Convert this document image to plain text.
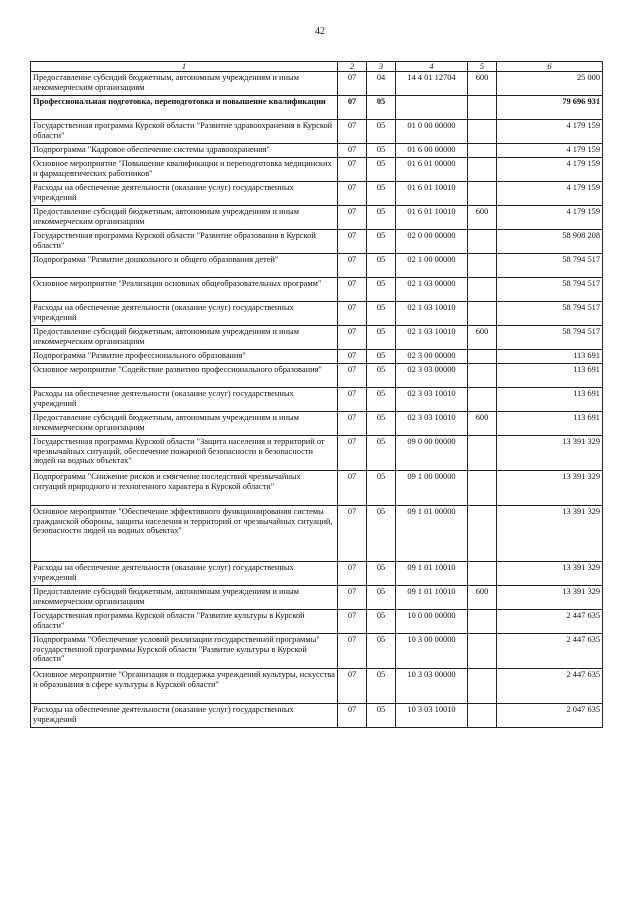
42
1	2	3	4	5	6
Предоставление субсидий бюджетным, автономным учреждениям и иным некоммерческим организациям	07	04	14 4 01 12704	600	25 000
Профессиональная подготовка, переподготовка и повышение квалификации	07	05			79 696 931
Государственная программа Курской области "Развитие здравоохранения в Курской области"	07	05	01 0 00 00000		4 179 159
Подпрограмма "Кадровое обеспечение системы здравоохранения"	07	05	01 6 00 00000		4 179 159
Основное мероприятие "Повышение квалификации и переподготовка медицинских и фармацевтических работников"	07	05	01 6 01 00000		4 179 159
Расходы на обеспечение деятельности (оказание услуг) государственных учреждений	07	05	01 6 01 10010		4 179 159
Предоставление субсидий бюджетным, автономным учреждениям и иным некоммерческим организациям	07	05	01 6 01 10010	600	4 179 159
Государственная программа Курской области "Развитие образования в Курской области"	07	05	02 0 00 00000		58 908 208
Подпрограмма "Развитие дошкольного и общего образования детей"	07	05	02 1 00 00000		58 794 517
Основное мероприятие "Реализация основных общеобразовательных программ"	07	05	02 1 03 00000		58 794 517
Расходы на обеспечение деятельности (оказание услуг) государственных учреждений	07	05	02 1 03 10010		58 794 517
Предоставление субсидий бюджетным, автономным учреждениям и иным некоммерческим организациям	07	05	02 1 03 10010	600	58 794 517
Подпрограмма "Развитие профессионального образования"	07	05	02 3 00 00000		113 691
Основное мероприятие "Содействие развитию профессионального образования"	07	05	02 3 03 00000		113 691
Расходы на обеспечение деятельности (оказание услуг) государственных учреждений	07	05	02 3 03 10010		113 691
Предоставление субсидий бюджетным, автономным учреждениям и иным некоммерческим организациям	07	05	02 3 03 10010	600	113 691
Государственная программа Курской области "Защита населения и территорий от чрезвычайных ситуаций, обеспечение пожарной безопасности и безопасности людей на водных объектах"	07	05	09 0 00 00000		13 391 329
Подпрограмма "Снижение рисков и смягчение последствий чрезвычайных ситуаций природного и техногенного характера в Курской области"	07	05	09 1 00 00000		13 391 329
Основное мероприятие "Обеспечение эффективного функционирования системы гражданской обороны, защиты населения и территорий от чрезвычайных ситуаций, безопасности людей на водных объектах"	07	05	09 1 01 00000		13 391 329
Расходы на обеспечение деятельности (оказание услуг) государственных учреждений	07	05	09 1 01 10010		13 391 329
Предоставление субсидий бюджетным, автономным учреждениям и иным некоммерческим организациям	07	05	09 1 01 10010	600	13 391 329
Государственная программа Курской области "Развитие культуры в Курской области"	07	05	10 0 00 00000		2 447 635
Подпрограмма "Обеспечение условий реализации государственной программы" государственной программы Курской области "Развитие культуры в Курской области"	07	05	10 3 00 00000		2 447 635
Основное мероприятие "Организация и поддержка учреждений культуры, искусства и образования в сфере культуры в Курской области"	07	05	10 3 03 00000		2 447 635
Расходы на обеспечение деятельности (оказание услуг) государственных учреждений	07	05	10 3 03 10010		2 047 635
